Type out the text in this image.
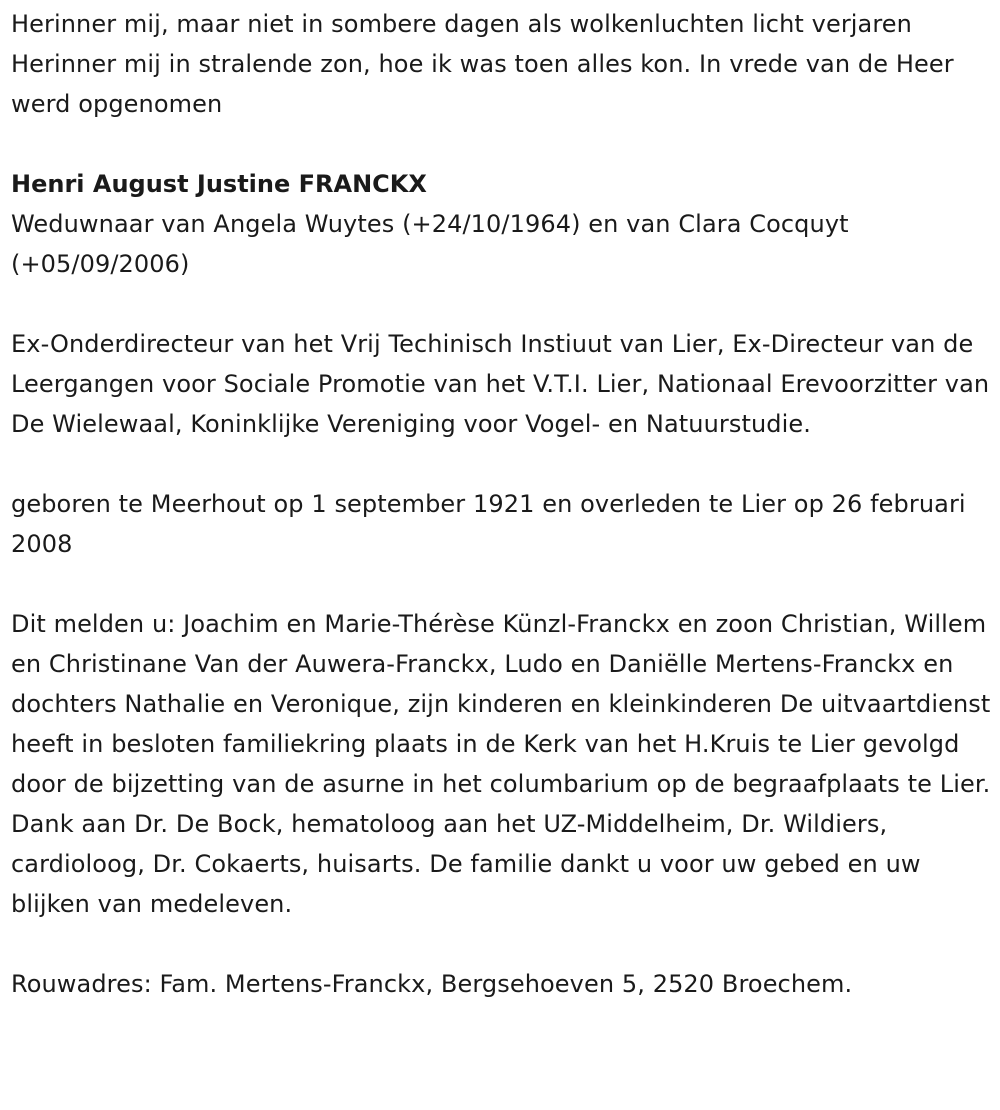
Herinner mij, maar niet in sombere dagen als wolkenluchten licht verjaren Herinner mij in stralende zon, hoe ik was toen alles kon. In vrede van de Heer werd opgenomen

Henri August Justine FRANCKX

Weduwnaar van Angela Wuytes (+24/10/1964) en van Clara Cocquyt (+05/09/2006)

Ex-Onderdirecteur van het Vrij Techinisch Instiuut van Lier, Ex-Directeur van de Leergangen voor Sociale Promotie van het V.T.I. Lier, Nationaal Erevoorzitter van De Wielewaal, Koninklijke Vereniging voor Vogel- en Natuurstudie.

geboren te Meerhout op 1 september 1921 en overleden te Lier op 26 februari 2008

Dit melden u: Joachim en Marie-Thérèse Künzl-Franckx en zoon Christian, Willem en Christinane Van der Auwera-Franckx, Ludo en Daniëlle Mertens-Franckx en dochters Nathalie en Veronique, zijn kinderen en kleinkinderen De uitvaartdienst heeft in besloten familiekring plaats in de Kerk van het H.Kruis te Lier gevolgd door de bijzetting van de asurne in het columbarium op de begraafplaats te Lier. Dank aan Dr. De Bock, hematoloog aan het UZ-Middelheim, Dr. Wildiers, cardioloog, Dr. Cokaerts, huisarts. De familie dankt u voor uw gebed en uw blijken van medeleven.

Rouwadres: Fam. Mertens-Franckx, Bergsehoeven 5, 2520 Broechem.
